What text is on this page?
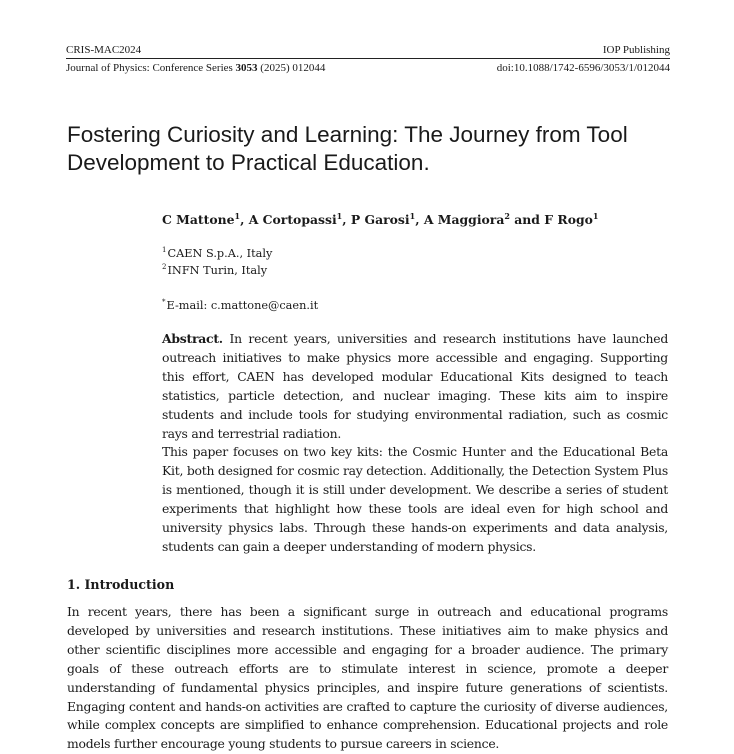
CRIS-MAC2024	IOP Publishing
Journal of Physics: Conference Series 3053 (2025) 012044	doi:10.1088/1742-6596/3053/1/012044
Fostering Curiosity and Learning: The Journey from Tool Development to Practical Education.
C Mattone$^1$, A Cortopassi$^1$, P Garosi$^1$, A Maggiora$^2$ and F Rogo$^1$
$^1$CAEN S.p.A., Italy
$^2$INFN Turin, Italy
*E-mail: c.mattone@caen.it

Abstract. In recent years, universities and research institutions have launched outreach initiatives to make physics more accessible and engaging. Supporting this effort, CAEN has developed modular Educational Kits designed to teach statistics, particle detection, and nuclear imaging. These kits aim to inspire students and include tools for studying environmental radiation, such as cosmic rays and terrestrial radiation.

This paper focuses on two key kits: the Cosmic Hunter and the Educational Beta Kit, both designed for cosmic ray detection. Additionally, the Detection System Plus is mentioned, though it is still under development. We describe a series of student experiments that highlight how these tools are ideal even for high school and university physics labs. Through these hands-on experiments and data analysis, students can gain a deeper understanding of modern physics.

1. Introduction

In recent years, there has been a significant surge in outreach and educational programs developed by universities and research institutions. These initiatives aim to make physics and other scientific disciplines more accessible and engaging for a broader audience. The primary goals of these outreach efforts are to stimulate interest in science, promote a deeper understanding of fundamental physics principles, and inspire future generations of scientists. Engaging content and hands-on activities are crafted to capture the curiosity of diverse audiences, while complex concepts are simplified to enhance comprehension. Educational projects and role models further encourage young students to pursue careers in science.
